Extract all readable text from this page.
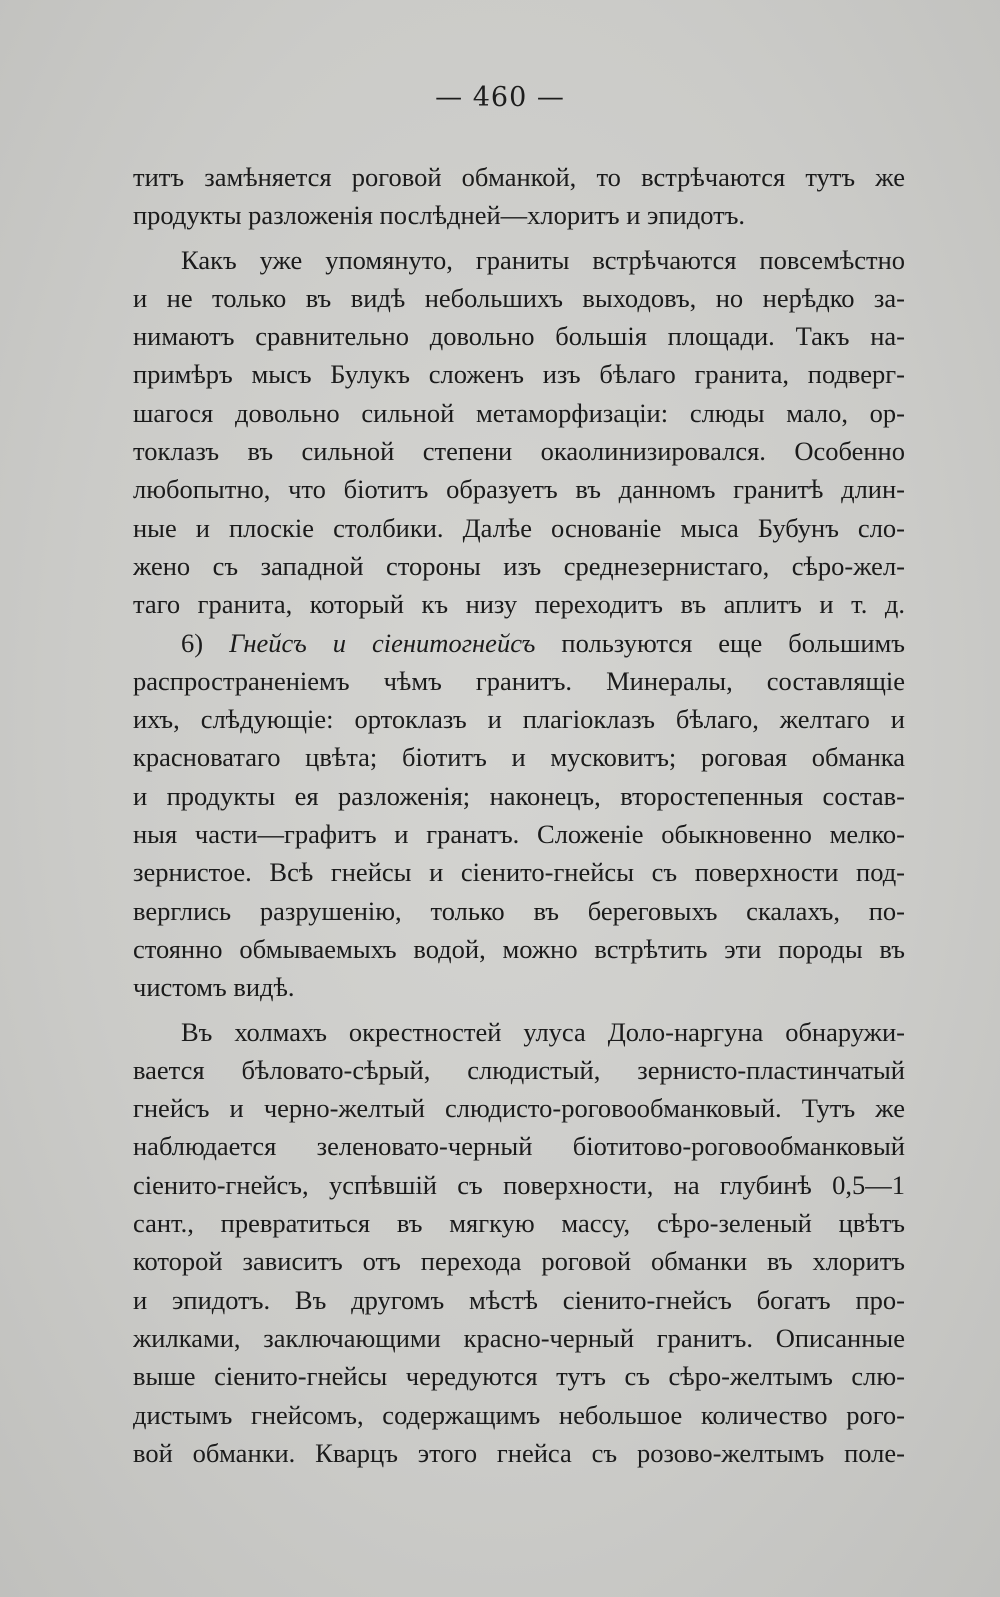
— 460 —
титъ замѣняется роговой обманкой, то встрѣчаются тутъ же
продукты разложенія послѣдней—хлоритъ и эпидотъ.
Какъ уже упомянуто, граниты встрѣчаются повсемѣстно
и не только въ видѣ небольшихъ выходовъ, но нерѣдко за-
нимаютъ сравнительно довольно большія площади. Такъ на-
примѣръ мысъ Булукъ сложенъ изъ бѣлаго гранита, подверг-
шагося довольно сильной метаморфизаціи: слюды мало, ор-
токлазъ въ сильной степени окаолинизировался. Особенно
любопытно, что біотитъ образуетъ въ данномъ гранитѣ длин-
ные и плоскіе столбики. Далѣе основаніе мыса Бубунъ сло-
жено съ западной стороны изъ среднезернистаго, сѣро-жел-
таго гранита, который къ низу переходитъ въ аплитъ и т. д.
6) Гнейсъ и сіенитогнейсъ пользуются еще большимъ
распространеніемъ чѣмъ гранитъ. Минералы, составлящіе
ихъ, слѣдующіе: ортоклазъ и плагіоклазъ бѣлаго, желтаго и
красноватаго цвѣта; біотитъ и мусковитъ; роговая обманка
и продукты ея разложенія; наконецъ, второстепенныя состав-
ныя части—графитъ и гранатъ. Сложеніе обыкновенно мелко-
зернистое. Всѣ гнейсы и сіенито-гнейсы съ поверхности под-
верглись разрушенію, только въ береговыхъ скалахъ, по-
стоянно обмываемыхъ водой, можно встрѣтить эти породы въ
чистомъ видѣ.
Въ холмахъ окрестностей улуса Доло-наргуна обнаружи-
вается бѣловато-сѣрый, слюдистый, зернисто-пластинчатый
гнейсъ и черно-желтый слюдисто-роговообманковый. Тутъ же
наблюдается зеленовато-черный біотитово-роговообманковый
сіенито-гнейсъ, успѣвшій съ поверхности, на глубинѣ 0,5—1
сант., превратиться въ мягкую массу, сѣро-зеленый цвѣтъ
которой зависитъ отъ перехода роговой обманки въ хлоритъ
и эпидотъ. Въ другомъ мѣстѣ сіенито-гнейсъ богатъ про-
жилками, заключающими красно-черный гранитъ. Описанные
выше сіенито-гнейсы чередуются тутъ съ сѣро-желтымъ слю-
дистымъ гнейсомъ, содержащимъ небольшое количество рого-
вой обманки. Кварцъ этого гнейса съ розово-желтымъ поле-
